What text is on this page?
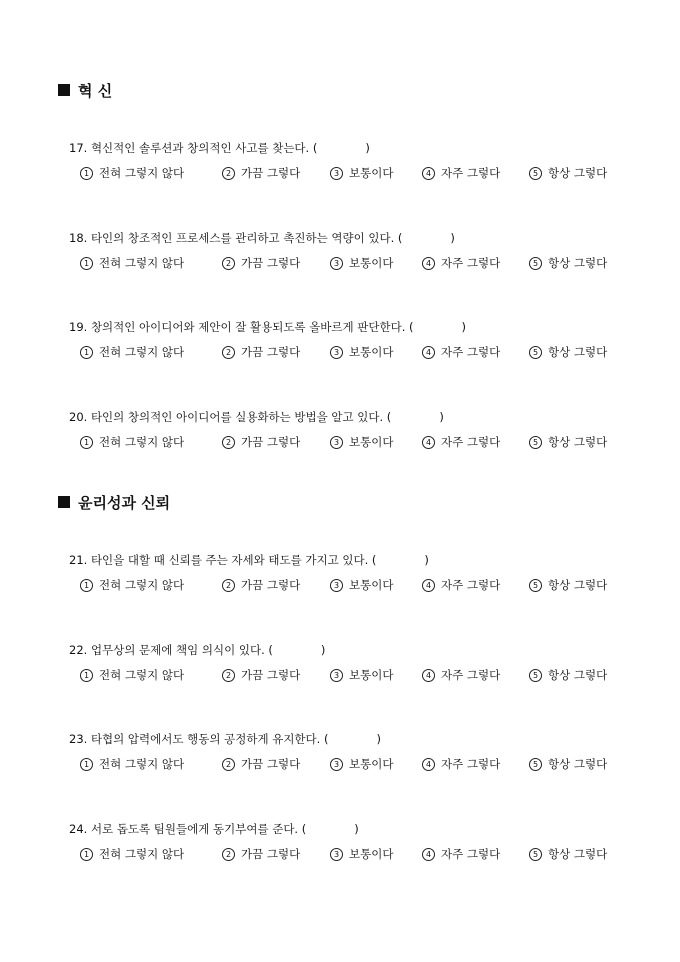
혁 신
17. 혁신적인 솔루션과 창의적인 사고를 찾는다. (	)
1 전혀 그렇지 않다	2 가끔 그렇다	3 보통이다	4 자주 그렇다	5 항상 그렇다
18. 타인의 창조적인 프로세스를 관리하고 촉진하는 역량이 있다. (	)
1 전혀 그렇지 않다	2 가끔 그렇다	3 보통이다	4 자주 그렇다	5 항상 그렇다
19. 창의적인 아이디어와 제안이 잘 활용되도록 올바르게 판단한다. (	)
1 전혀 그렇지 않다	2 가끔 그렇다	3 보통이다	4 자주 그렇다	5 항상 그렇다
20. 타인의 창의적인 아이디어를 실용화하는 방법을 알고 있다. (	)
1 전혀 그렇지 않다	2 가끔 그렇다	3 보통이다	4 자주 그렇다	5 항상 그렇다
윤리성과 신뢰
21. 타인을 대할 때 신뢰를 주는 자세와 태도를 가지고 있다. (	)
1 전혀 그렇지 않다	2 가끔 그렇다	3 보통이다	4 자주 그렇다	5 항상 그렇다
22. 업무상의 문제에 책임 의식이 있다. (	)
1 전혀 그렇지 않다	2 가끔 그렇다	3 보통이다	4 자주 그렇다	5 항상 그렇다
23. 타협의 압력에서도 행동의 공정하게 유지한다. (	)
1 전혀 그렇지 않다	2 가끔 그렇다	3 보통이다	4 자주 그렇다	5 항상 그렇다
24. 서로 돕도록 팀원들에게 동기부여를 준다. (	)
1 전혀 그렇지 않다	2 가끔 그렇다	3 보통이다	4 자주 그렇다	5 항상 그렇다
